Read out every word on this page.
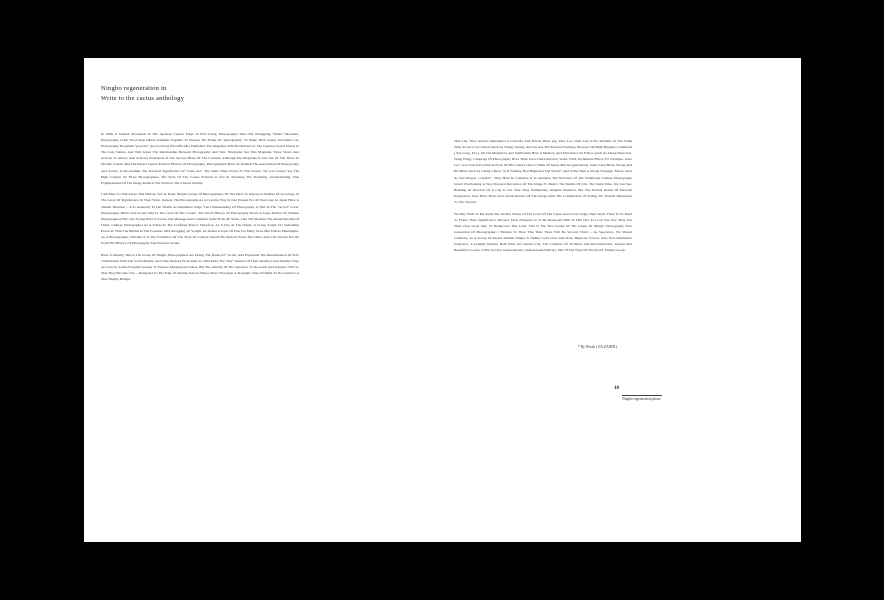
Ningbo regeneration in
Write to the cactus anthology

In 1968, A Student Movement In The Japanese Capital Tokyo In Full Swing, Photographer Zhuo Mu Zhongping, Yutaka Takanashi, Photography Critic Wood Kuji Okada Takahiko Together To Discuss The Name Of "photography" To Make Their Sound. November 1st, Photography Doujinshi "provoke" (provocation) Was Officially Published. The Magazine Will Be Directed At The Japanese Social Unrest In The Late Sixties, And Talk About The Relationship Between Photography And Text. Moriyama Sea This Magazine Three Views And Actions To Attract, And Actively Participate In The Second Phase Of The Creation. Although The Magazine Is Just Out Of The Three To Decline Ceased, But The Impact Japan's Postwar History Of Photography, Photographers Have To Rethink The Association Of Photography And Social, To Re-examine The Practical Significance Of "video Art". The Same Time, Down To This Source, We Can Clearly See The High Contour Of These Photographers, The Style Of The Coarse Particles Is Not In Tweaking The Posturing, Grandstanding, This Fragmentation Of The Image Reflects The Turmoil, The Chaotic Reality.

I Am Here To Talk About This History, Not To Raise Ningbo Group Of Photographers, Do Not Have To Impose A Number Of Sociology At The Level Of Significance In Their Work. Instead, The Photography As A Creative Way In Our Present Era 40 Years Ago In Japan Have A Similar Situation -- It Is Generally In The Wealth Accumulation Stage, The Understanding Of Photography Is Still In The "record" Level. Photography, Public And Social Only In The Level Of The "scene". The World History Of Photography Down A Large Portion Of Chinese Photographers Who Are Trying Hard To Leave The Message And Comment Some From All Sides, Like The Moment The Absurd Reality Of China, Chinese Photographer As A Whole In The Confused Period. Therefore, As A City At The Origin, A Group Sound, Do Something Practical, Thus The Bubble In The Foreams, Microblogging, Or Sought, Or Defeat A Topic Of Post For Many Years Much More Meaningful. As A Photographer, Whether It Is The Formation Of The Style Or Content Should Be Derived From The Times And Life Should Not Be From The History Of Photography And Previous Works.

Back To Reality, This Is The Group Of Ningbo Photographers Are Doing. The Name Of "cactus" And Expressed The Determination Of Self-confirmation With The Social Reality, And Then Derived From Time To Time Hold The "fury" Instinct Of Their Situation And Identity. They Are Not As Some Escapism Groups To Express Metaphysical Ideas, But The Identity Of The Spectator To Re-watch And Interpret This So That They Become City -- Relegated To The Edge Of Reality, Known Better, More Thorough. A Nostalgic State Of Mind-To Re-construct A New Ningbo Benign.

This City, They Always Maintained A Curiosity And Private Heart (eg, Zhao Lei, Chen Lei) It Not Realistic At The Same Time To Give Up Critical (such As Cheng Chuan), All Lets Are The Personal Feelings, Because The High Hygiene Conditions ( Sun Long, M L), All The Metaphors And Symbolism Have A Memory And Experience To Follow (such As Zhang Detection, Weng Feng). Language Of Photography Have Their Own Characteristics; Some Vivid, Inclination Filled, For Example, Zhao Lei, "won Sole Kid (child In Front Of His Camera Once I Think Of Japan, Mei Jie-generation). Some Steel Black Strong And He Mind, Such As Cheng Chuan "as If Nothing Had Happened The World"; And Some With A Strong Nostalgic Mood, Such As Sun Dragon "conditio". They Have In Common Is To Abandon The Narrative Of The Traditional Chinese Photography Grand Overlooking A Very Personal Perception Of The Image To Depict The Details Of Life. The Same Time, We Can See, Building Or Records Of A City Is Not That They Deliberately Original Intention, But The Natural Result Of Personal Expression, They Have Their Own Characteristics Of The Image After The Combination Of Setting The Overall Impression To The Viewers.

We May Wish To Put Aside The Secular Vision Of The Level Of The Upper And Lower Judge Their Work, There Is No Need To Flaunt Their Significance. Because Their Existence Is To Be Reckoned With In This City To Look The Way They Use Their Own Good Self, To Rediscover This Land. This Is The First Sound Of The Group Of Ningbo Photography New Generation Of Photographers I Believe To Have This Time There Will Be Second, Third ... As Spectators, We Should Celebrate, So A Group Of People Outline Ningbo It Neither Gold Over And Over, High-rise Towers, Also Non-landmarker Fragrance, A Lengthy Rhyme, Both With All Current City, The Collision Of Tradition And Reconstruction, Absurd And Beautiful Co-exist, It Has Its Own Characteristics, Rotbard And Delicate, Full Of The Ways Of The World. Family Group.

* By Words ( JIA ZAIJHI )
18
Ningbo regeneration phase
